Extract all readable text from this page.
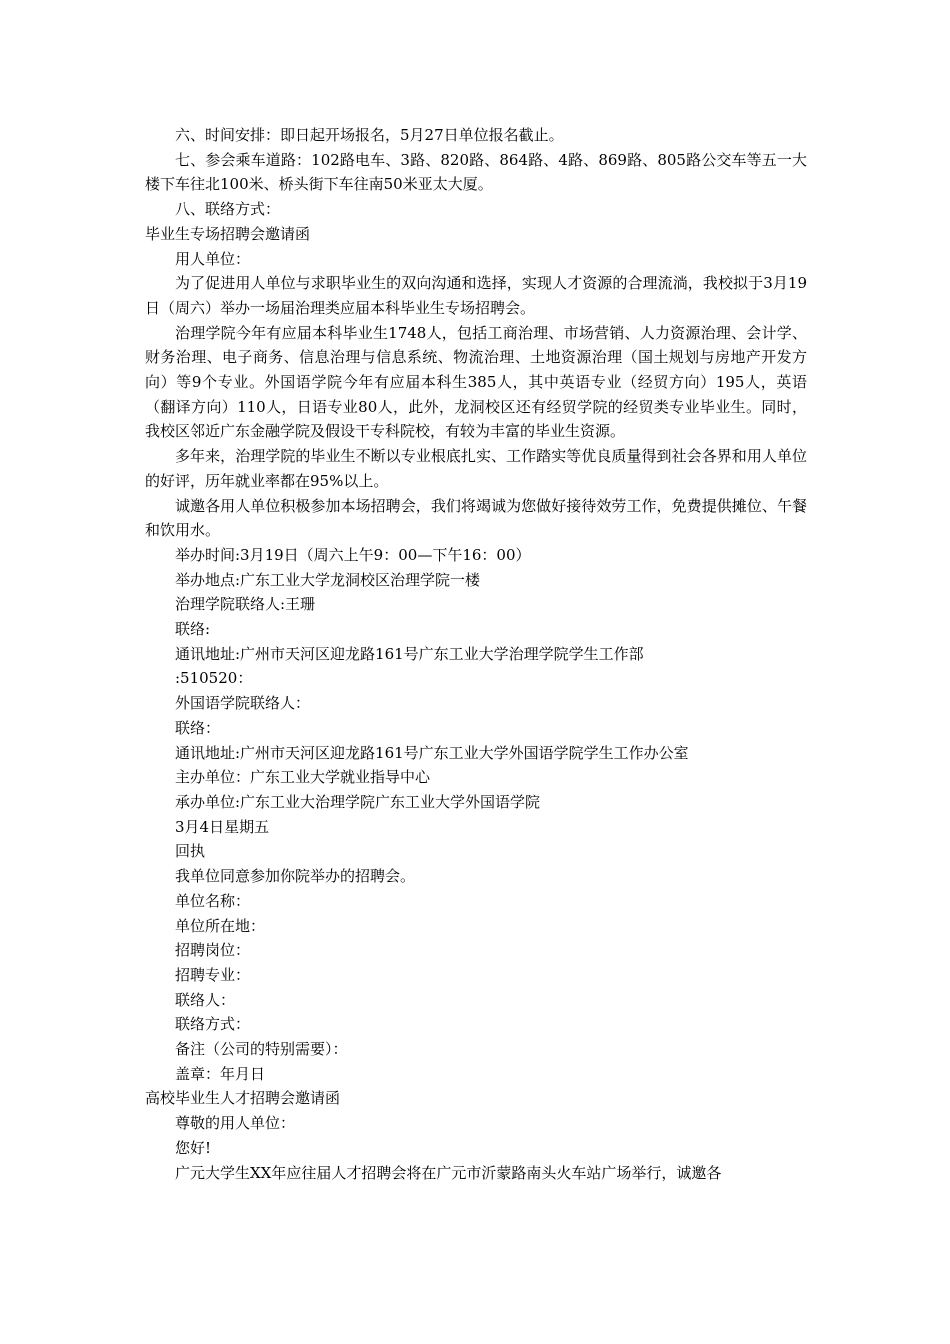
六、时间安排：即日起开场报名，5月27日单位报名截止。

七、参会乘车道路：102路电车、3路、820路、864路、4路、869路、805路公交车等五一大楼下车往北100米、桥头街下车往南50米亚太大厦。

八、联络方式：

毕业生专场招聘会邀请函

用人单位：

为了促进用人单位与求职毕业生的双向沟通和选择，实现人才资源的合理流淌，我校拟于3月19日（周六）举办一场届治理类应届本科毕业生专场招聘会。

治理学院今年有应届本科毕业生1748人，包括工商治理、市场营销、人力资源治理、会计学、财务治理、电子商务、信息治理与信息系统、物流治理、土地资源治理（国土规划与房地产开发方向）等9个专业。外国语学院今年有应届本科生385人，其中英语专业（经贸方向）195人，英语（翻译方向）110人，日语专业80人，此外，龙洞校区还有经贸学院的经贸类专业毕业生。同时，我校区邻近广东金融学院及假设干专科院校，有较为丰富的毕业生资源。

多年来，治理学院的毕业生不断以专业根底扎实、工作踏实等优良质量得到社会各界和用人单位的好评，历年就业率都在95%以上。

诚邀各用人单位积极参加本场招聘会，我们将竭诚为您做好接待效劳工作，免费提供摊位、午餐和饮用水。

举办时间:3月19日（周六上午9：00—下午16：00）

举办地点:广东工业大学龙洞校区治理学院一楼

治理学院联络人:王珊

联络:

通讯地址:广州市天河区迎龙路161号广东工业大学治理学院学生工作部

:510520：

外国语学院联络人：

联络：

通讯地址:广州市天河区迎龙路161号广东工业大学外国语学院学生工作办公室

主办单位：广东工业大学就业指导中心

承办单位:广东工业大治理学院广东工业大学外国语学院

3月4日星期五

回执

我单位同意参加你院举办的招聘会。

单位名称：

单位所在地：

招聘岗位：

招聘专业：

联络人：

联络方式：

备注（公司的特别需要）：

盖章：年月日

高校毕业生人才招聘会邀请函

尊敬的用人单位：

您好!

广元大学生XX年应往届人才招聘会将在广元市沂蒙路南头火车站广场举行，诚邀各
